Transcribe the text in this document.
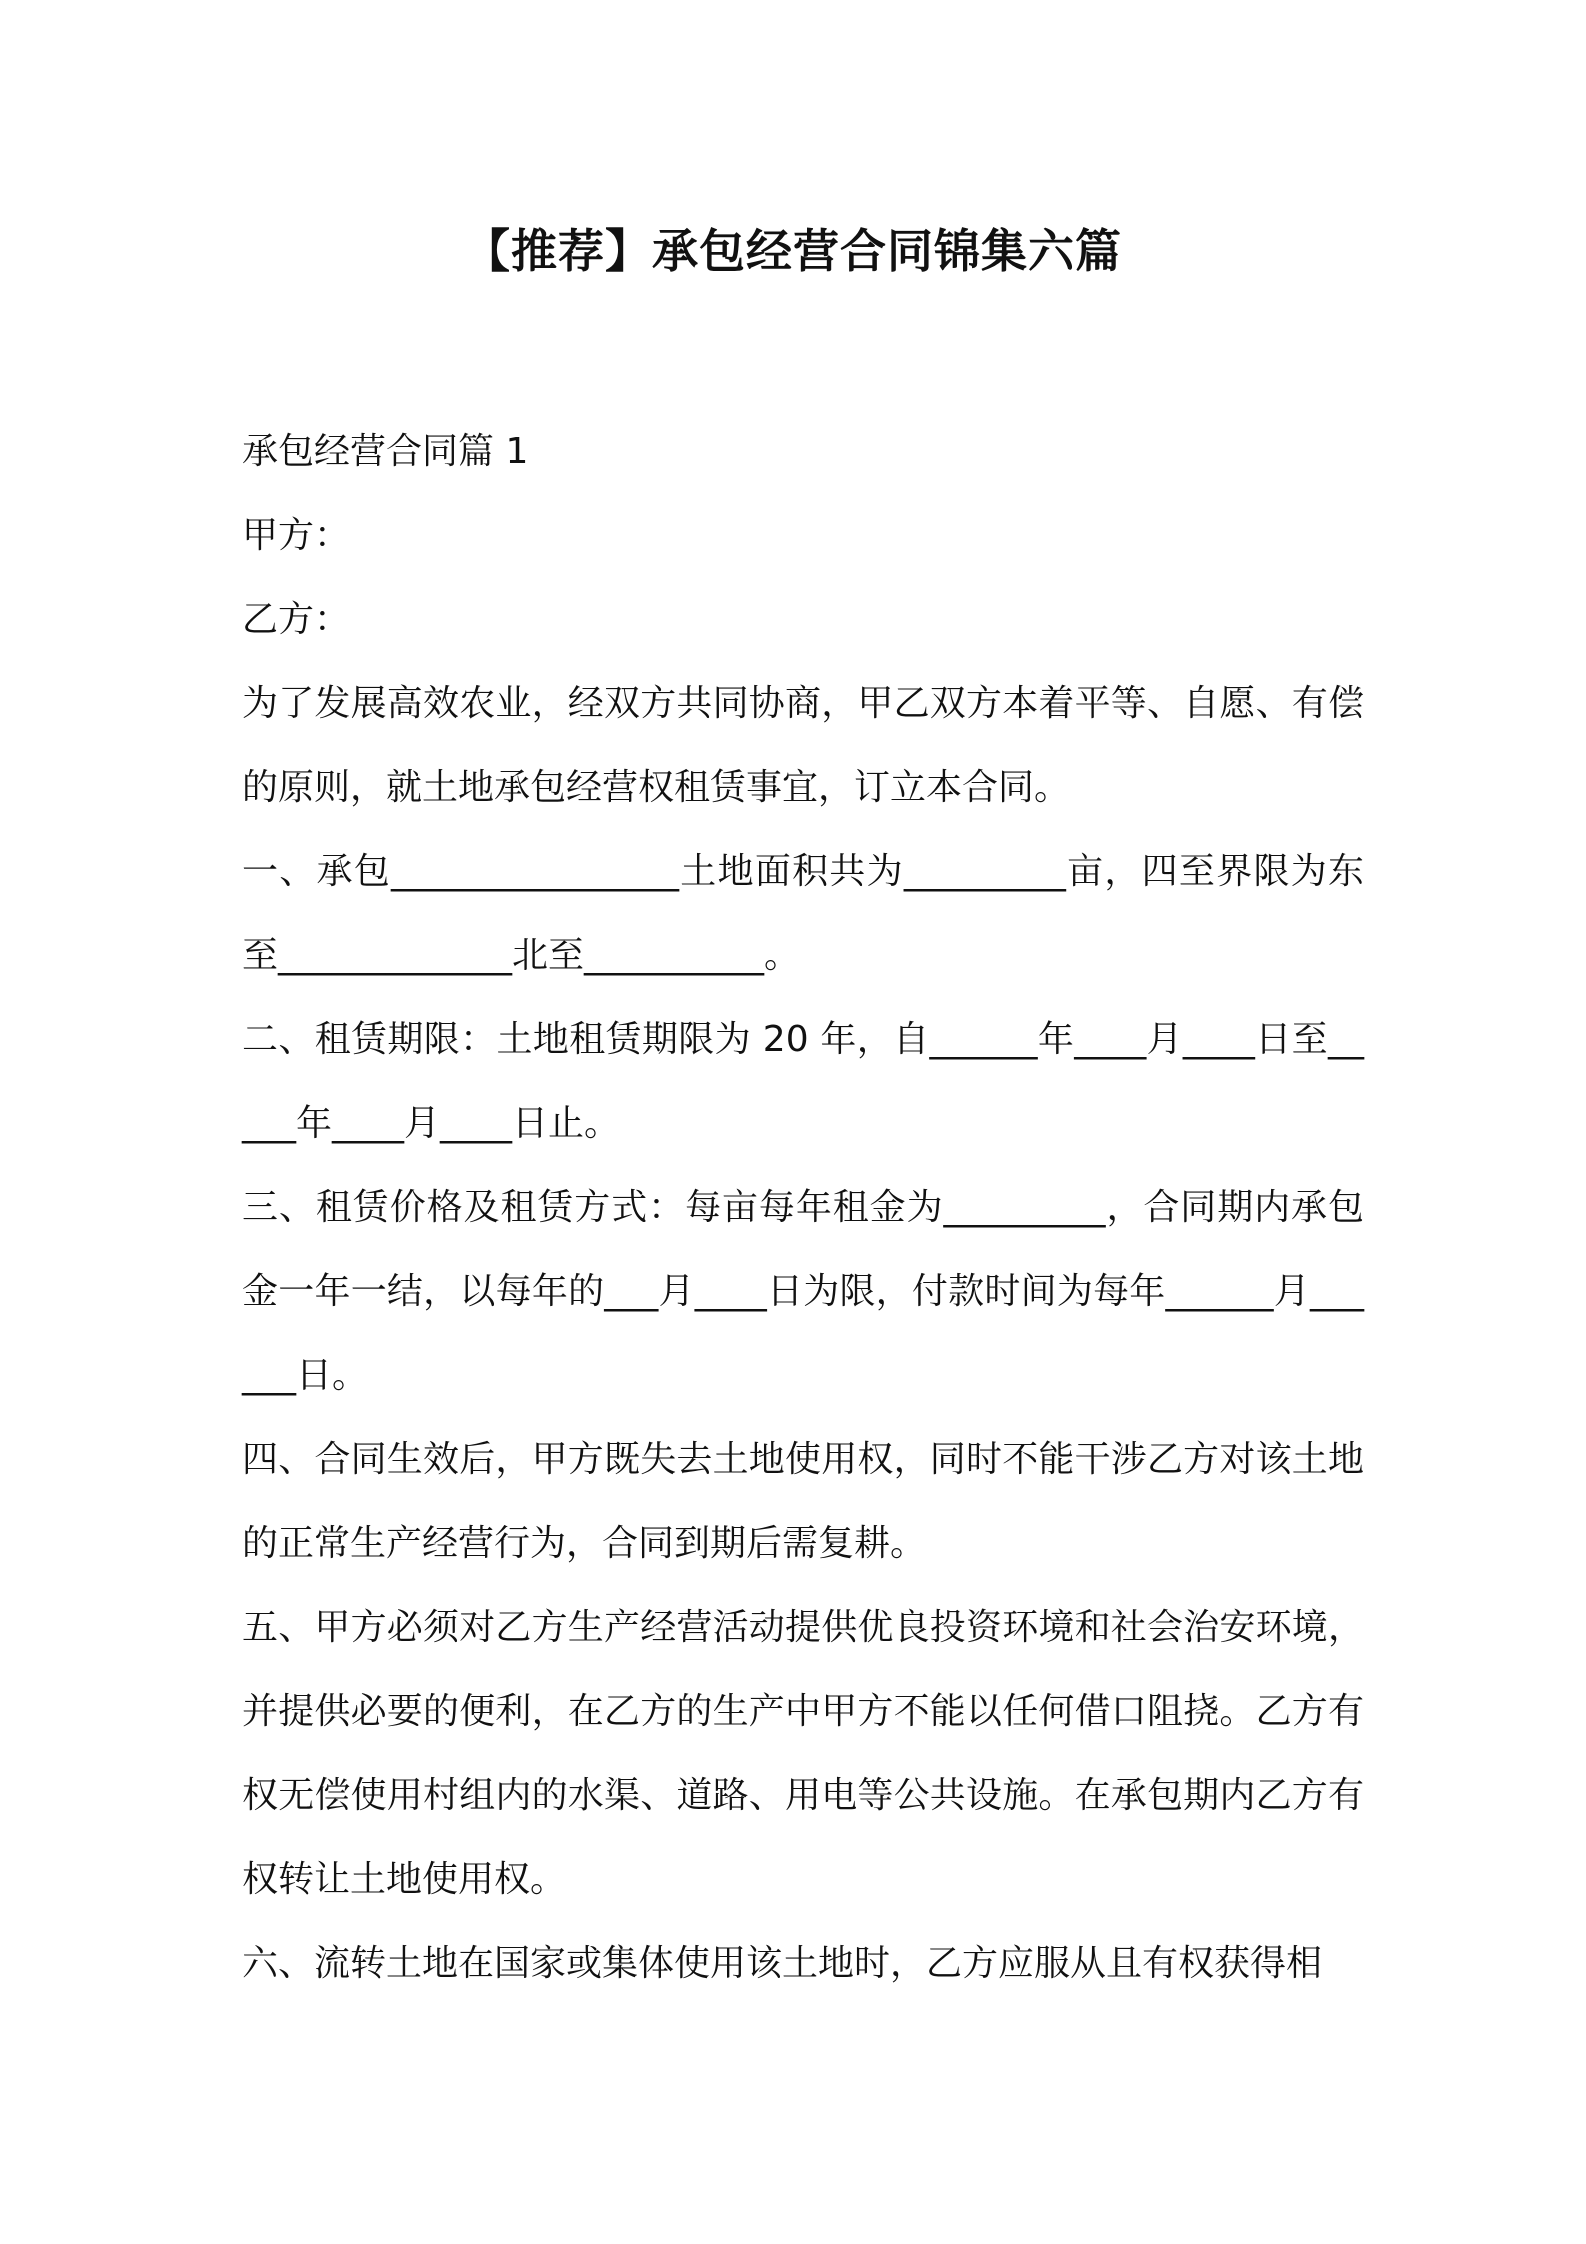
【推荐】承包经营合同锦集六篇

承包经营合同篇 1

甲方：

乙方：

为了发展高效农业，经双方共同协商，甲乙双方本着平等、自愿、有偿的原则，就土地承包经营权租赁事宜，订立本合同。

一、承包________________土地面积共为_________亩，四至界限为东至_____________北至__________。

二、租赁期限：土地租赁期限为 20 年，自______年____月____日至_____年____月____日止。

三、租赁价格及租赁方式：每亩每年租金为_________，合同期内承包金一年一结，以每年的___月____日为限，付款时间为每年______月______日。

四、合同生效后，甲方既失去土地使用权，同时不能干涉乙方对该土地的正常生产经营行为，合同到期后需复耕。

五、甲方必须对乙方生产经营活动提供优良投资环境和社会治安环境，并提供必要的便利，在乙方的生产中甲方不能以任何借口阻挠。乙方有权无偿使用村组内的水渠、道路、用电等公共设施。在承包期内乙方有权转让土地使用权。

六、流转土地在国家或集体使用该土地时，乙方应服从且有权获得相
